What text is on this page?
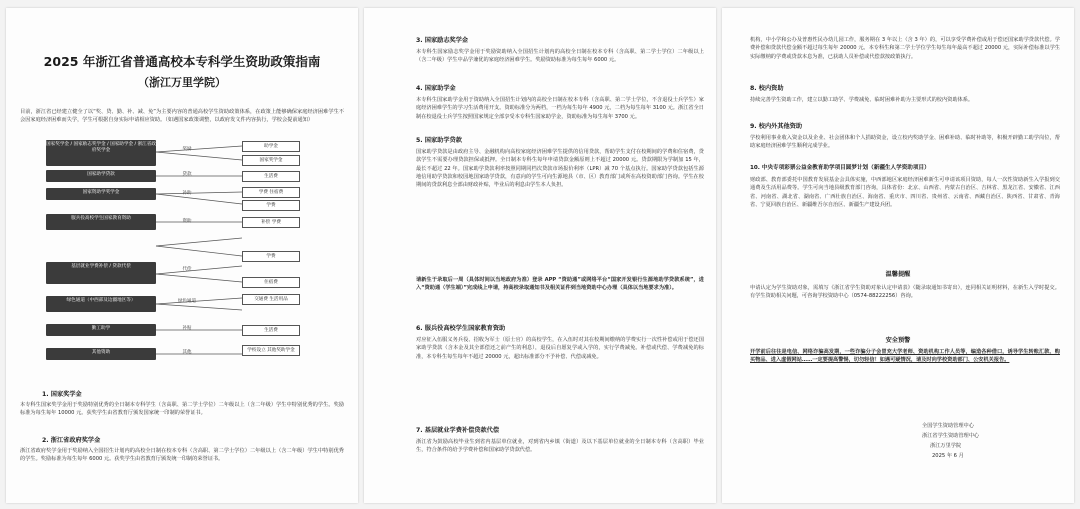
2025 年浙江省普通高校本专科学生资助政策指南
（浙江万里学院）
目前，浙江省已经建立健全了以“奖、贷、勤、补、减、免”为主要内容的普通高校学生资助政策体系，在政策上能够确保家庭经济困难学生不会因家庭经济困难而失学，学生可根据自身实际申请相应资助。（如遇国家政策调整，以政府发文件内容执行，学校会提前通知）
国家奖学金 / 国家励志奖学金 / 国家助学金 / 浙江省政府奖学金
国家助学贷款
国家资助学奖学金
服兵役高校学生国家教育资助
基层就业学费补偿 / 贷款代偿
绿色通道（中西部及边疆地区等）
勤工助学
其他资助
奖励
贷款
补助
资助
代偿
绿色通道
补贴
其他
助学金
国家奖学金
生活费
学费 住宿费
学费
补偿 学费
学费
住宿费
交通费 生活用品
生活费
学校设立 其他奖助学金
1. 国家奖学金
本专科生国家奖学金用于奖励特别优秀的全日制本专科学生（含高职、第二学士学位）二年级以上（含二年级）学生中特别优秀的学生。奖励标准为每生每年 10000 元。获奖学生由省教育厅颁发国家统一印制的荣誉证书。
2. 浙江省政府奖学金
浙江省政府奖学金用于奖励纳入全国招生计划内的高校全日制在校本专科（含高职、第二学士学位）二年级以上（含二年级）学生中特别优秀的学生。奖励标准为每生每年 6000 元。获奖学生由省教育厅颁发统一印制的荣誉证书。
3. 国家励志奖学金
本专科生国家励志奖学金用于奖励资助纳入全国招生计划内的高校全日制在校本专科（含高职、第二学士学位）二年级以上（含二年级）学生中品学兼优的家庭经济困难学生。奖励资助标准为每生每年 6000 元。
4. 国家助学金
本专科生国家助学金用于资助纳入全国招生计划内的高校全日制在校本专科（含高职、第二学士学位，不含退役士兵学生）家庭经济困难学生的学习生活费用开支。资助标准分为两档，一档为每生每年 4900 元，二档为每生每年 3100 元。浙江省全日制在校退役士兵学生按照国家规定全部享受本专科生国家助学金，资助标准为每生每年 3700 元。
5. 国家助学贷款
国家助学贷款是由政府主导、金融机构向高校家庭经济困难学生提供的信用贷款，帮助学生支付在校期间的学费和住宿费，贷款学生不需要办理贷款担保或抵押。全日制本专科生每年申请贷款金额原则上不超过 20000 元。贷款期限为学制加 15 年，最长不超过 22 年。国家助学贷款利率按照同期同档次贷款市场报价利率（LPR）减 70 个基点执行。国家助学贷款包括生源地信用助学贷款和校园地国家助学贷款，有意向的学生可向生源地县（市、区）教育部门或所在高校资助部门咨询。学生在校期间的贷款利息全部由财政补贴，毕业后的利息由学生本人负担。
请新生于录取后一周（具体时间以当地政府为准）登录 APP “资助通”或网络平台“国家开发银行生源地助学贷款系统”，进入“资助通（学生端）”完成线上申请，持高校录取通知书及相关证件到当地资助中心办理（具体以当地要求为准）。
6. 服兵役高校学生国家教育资助
对应征入伍服义务兵役、招收为军士（原士官）的高校学生，在入伍时对其在校期间缴纳的学费实行一次性补偿或用于偿还国家助学贷款（含本金及其全部偿还之前产生的利息），退役后自愿复学或入学的，实行学费减免。补偿或代偿、学费减免的标准，本专科生每生每年不超过 20000 元，超出标准部分不予补偿、代偿或减免。
7. 基层就业学费补偿贷款代偿
浙江省为鼓励高校毕业生到省内基层单位就业，对到省内乡镇（街道）及以下基层单位就业的全日制本专科（含高职）毕业生，符合条件的给予学费补偿和国家助学贷款代偿。
机构，中小学和公办及普惠性民办幼儿园工作，服务期在 3 年以上（含 3 年）的，可以享受学费补偿或用于偿还国家助学贷款代偿。学费补偿和贷款代偿金额不超过每生每年 20000 元。本专科生和第二学士学位学生每生每年最高不超过 20000 元，实际补偿标准以学生实际缴纳的学费或贷款本息为准，已获助人员补偿或代偿款按政策执行。
8. 校内资助
持续完善学生资助工作，建立以勤工助学、学费减免、临时困难补助为主要形式的校内资助体系。
9. 校内外其他资助
学校利用事业收入资金以及企业、社会团体和个人捐助资金，设立校内奖助学金、困难补助、临时补助等，积极开辟勤工助学岗位，帮助家庭经济困难学生顺利完成学业。
10. 中央专项彩票公益金教育助学项目圆梦计划（新疆生人学资助项目）
财政部、教育部委托中国教育发展基金会具体实施，中西部地区家庭经济困难新生可申请该项目资助，每人一次性资助新生入学报到交通费及生活用品费等。学生可向当地县级教育部门咨询，具体省份：北京、山西省、内蒙古自治区、吉林省、黑龙江省、安徽省、江西省、河南省、湖北省、湖南省、广西壮族自治区、海南省、重庆市、四川省、贵州省、云南省、西藏自治区、陕西省、甘肃省、青海省、宁夏回族自治区、新疆维吾尔自治区、新疆生产建设兵团。
温馨提醒
申请认定为学生资助对象，需填写《浙江省学生资助对象认定申请表》（随录取通知书寄出），连同相关证明材料，在新生入学时提交。有学生资助相关问题，可咨询学校资助中心（0574-88222256）咨询。
安全预警
开学前后往往是电信、网络诈骗高发期，一些诈骗分子会冒充大学老师、资助机构工作人员等，编造各种借口，诱导学生转账汇款、购买物品、进入虚假网站……一定要提高警惕，切勿轻信！如遇可疑情况，请及时向学校资助部门、公安机关报告。
全国学生资助管理中心
浙江省学生资助管理中心
浙江万里学院
2025 年 6 月
